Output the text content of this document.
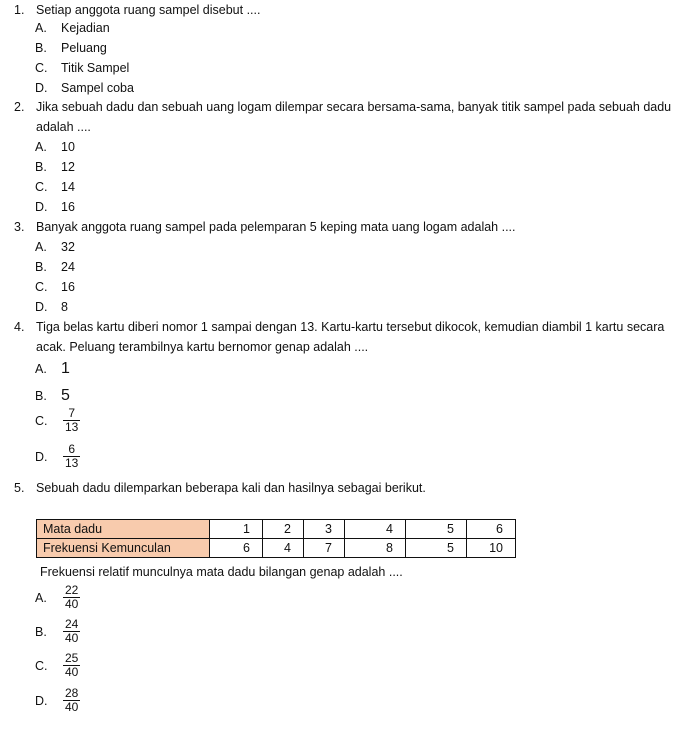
1. Setiap anggota ruang sampel disebut ....
A. Kejadian
B. Peluang
C. Titik Sampel
D. Sampel coba
2. Jika sebuah dadu dan sebuah uang logam dilempar secara bersama-sama, banyak titik sampel pada sebuah dadu adalah ....
A. 10
B. 12
C. 14
D. 16
3. Banyak anggota ruang sampel pada pelemparan 5 keping mata uang logam adalah ....
A. 32
B. 24
C. 16
D. 8
4. Tiga belas kartu diberi nomor 1 sampai dengan 13. Kartu-kartu tersebut dikocok, kemudian diambil 1 kartu secara acak. Peluang terambilnya kartu bernomor genap adalah ....
A. 1
B. 5
C. $\frac{7}{13}$
D. $\frac{6}{13}$
5. Sebuah dadu dilemparkan beberapa kali dan hasilnya sebagai berikut.
Mata dadu	1	2	3	4	5	6
Frekuensi Kemunculan	6	4	7	8	5	10
Frekuensi relatif munculnya mata dadu bilangan genap adalah ....
A. $\frac{22}{40}$
B. $\frac{24}{40}$
C. $\frac{25}{40}$
D. $\frac{28}{40}$
